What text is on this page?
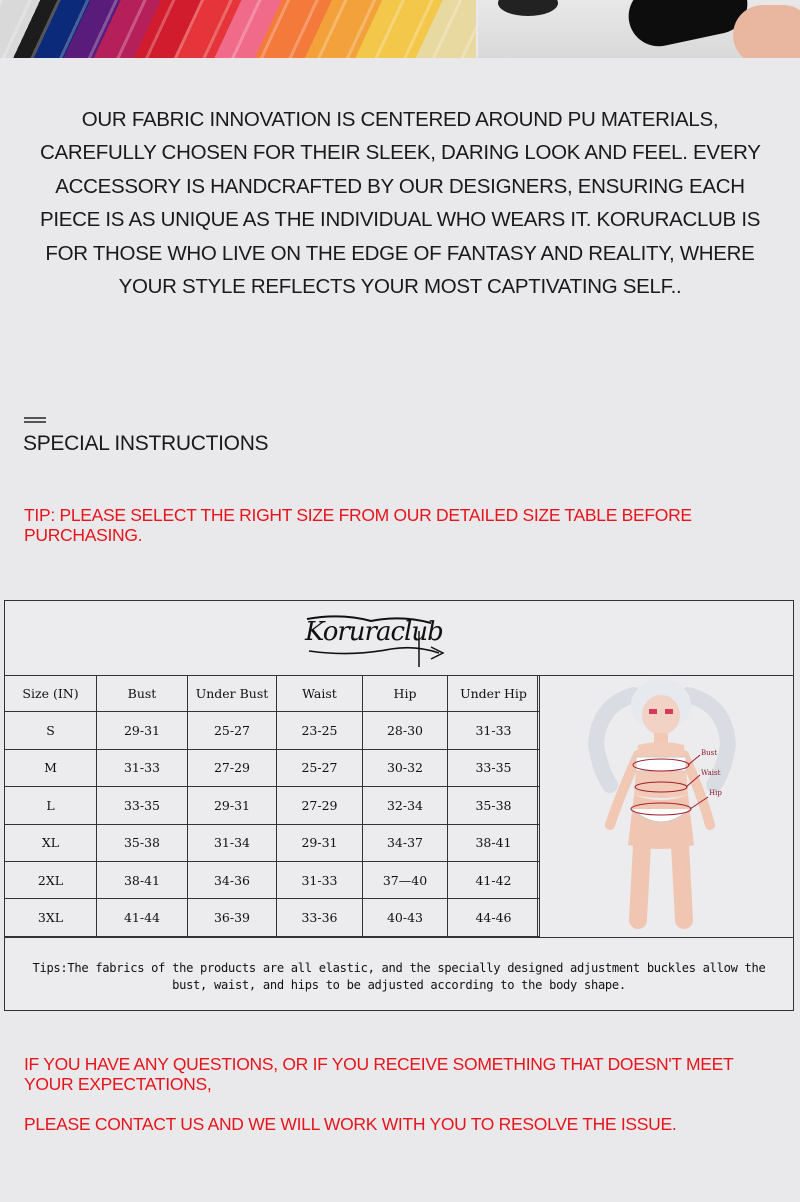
OUR FABRIC INNOVATION IS CENTERED AROUND PU MATERIALS,
CAREFULLY CHOSEN FOR THEIR SLEEK, DARING LOOK AND FEEL. EVERY
ACCESSORY IS HANDCRAFTED BY OUR DESIGNERS, ENSURING EACH
PIECE IS AS UNIQUE AS THE INDIVIDUAL WHO WEARS IT. KORURACLUB IS
FOR THOSE WHO LIVE ON THE EDGE OF FANTASY AND REALITY, WHERE
YOUR STYLE REFLECTS YOUR MOST CAPTIVATING SELF..
SPECIAL INSTRUCTIONS
TIP: PLEASE SELECT THE RIGHT SIZE FROM OUR DETAILED SIZE TABLE BEFORE PURCHASING.
Koruraclub
Size (IN)	Bust	Under Bust	Waist	Hip	Under Hip
S	29-31	25-27	23-25	28-30	31-33
M	31-33	27-29	25-27	30-32	33-35
L	33-35	29-31	27-29	32-34	35-38
XL	35-38	31-34	29-31	34-37	38-41
2XL	38-41	34-36	31-33	37—40	41-42
3XL	41-44	36-39	33-36	40-43	44-46
Bust
Waist
Hip
Tips:The fabrics of the products are all elastic, and the specially designed adjustment buckles allow the
bust, waist, and hips to be adjusted according to the body shape.
IF YOU HAVE ANY QUESTIONS, OR IF YOU RECEIVE SOMETHING THAT DOESN'T MEET YOUR EXPECTATIONS,
PLEASE CONTACT US AND WE WILL WORK WITH YOU TO RESOLVE THE ISSUE.
